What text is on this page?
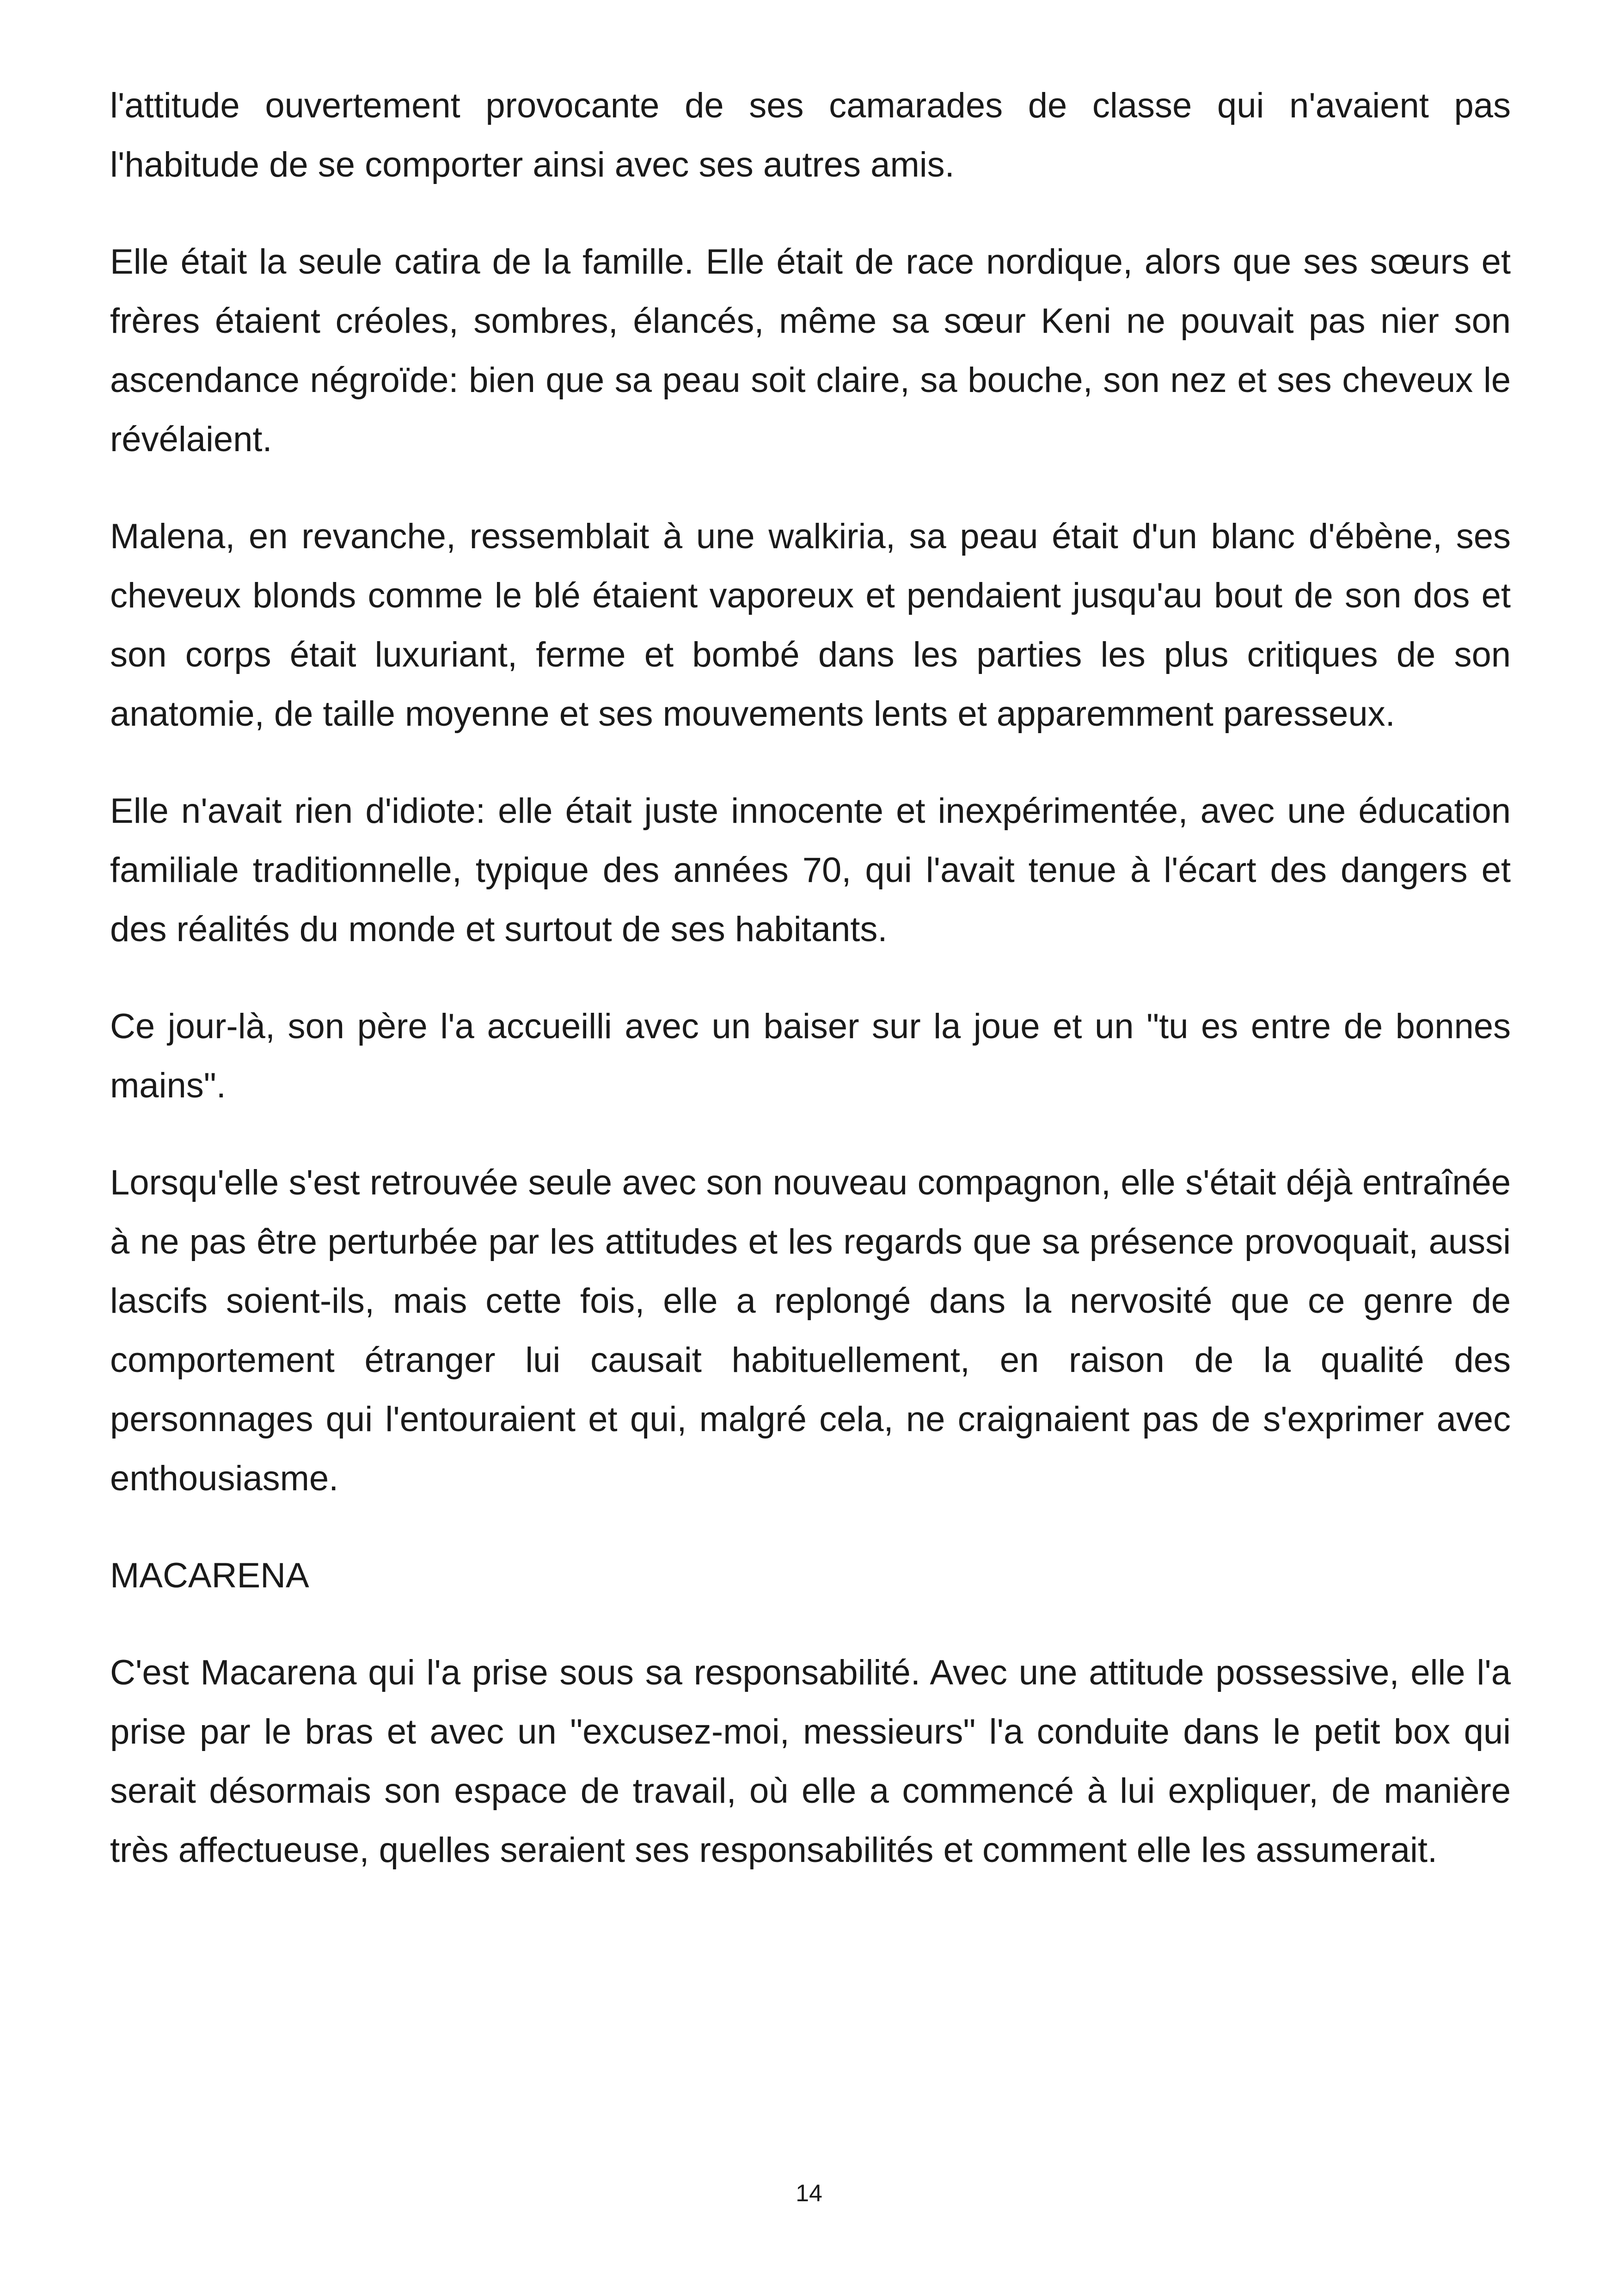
l'attitude ouvertement provocante de ses camarades de classe qui n'avaient pas l'habitude de se comporter ainsi avec ses autres amis.

Elle était la seule catira de la famille. Elle était de race nordique, alors que ses sœurs et frères étaient créoles, sombres, élancés, même sa sœur Keni ne pouvait pas nier son ascendance négroïde: bien que sa peau soit claire, sa bouche, son nez et ses cheveux le révélaient.

Malena, en revanche, ressemblait à une walkiria, sa peau était d'un blanc d'ébène, ses cheveux blonds comme le blé étaient vaporeux et pendaient jusqu'au bout de son dos et son corps était luxuriant, ferme et bombé dans les parties les plus critiques de son anatomie, de taille moyenne et ses mouvements lents et apparemment paresseux.

Elle n'avait rien d'idiote: elle était juste innocente et inexpérimentée, avec une éducation familiale traditionnelle, typique des années 70, qui l'avait tenue à l'écart des dangers et des réalités du monde et surtout de ses habitants.

Ce jour-là, son père l'a accueilli avec un baiser sur la joue et un "tu es entre de bonnes mains".

Lorsqu'elle s'est retrouvée seule avec son nouveau compagnon, elle s'était déjà entraînée à ne pas être perturbée par les attitudes et les regards que sa présence provoquait, aussi lascifs soient-ils, mais cette fois, elle a replongé dans la nervosité que ce genre de comportement étranger lui causait habituellement, en raison de la qualité des personnages qui l'entouraient et qui, malgré cela, ne craignaient pas de s'exprimer avec enthousiasme.

MACARENA

C'est Macarena qui l'a prise sous sa responsabilité. Avec une attitude possessive, elle l'a prise par le bras et avec un "excusez-moi, messieurs" l'a conduite dans le petit box qui serait désormais son espace de travail, où elle a commencé à lui expliquer, de manière très affectueuse, quelles seraient ses responsabilités et comment elle les assumerait.

14
